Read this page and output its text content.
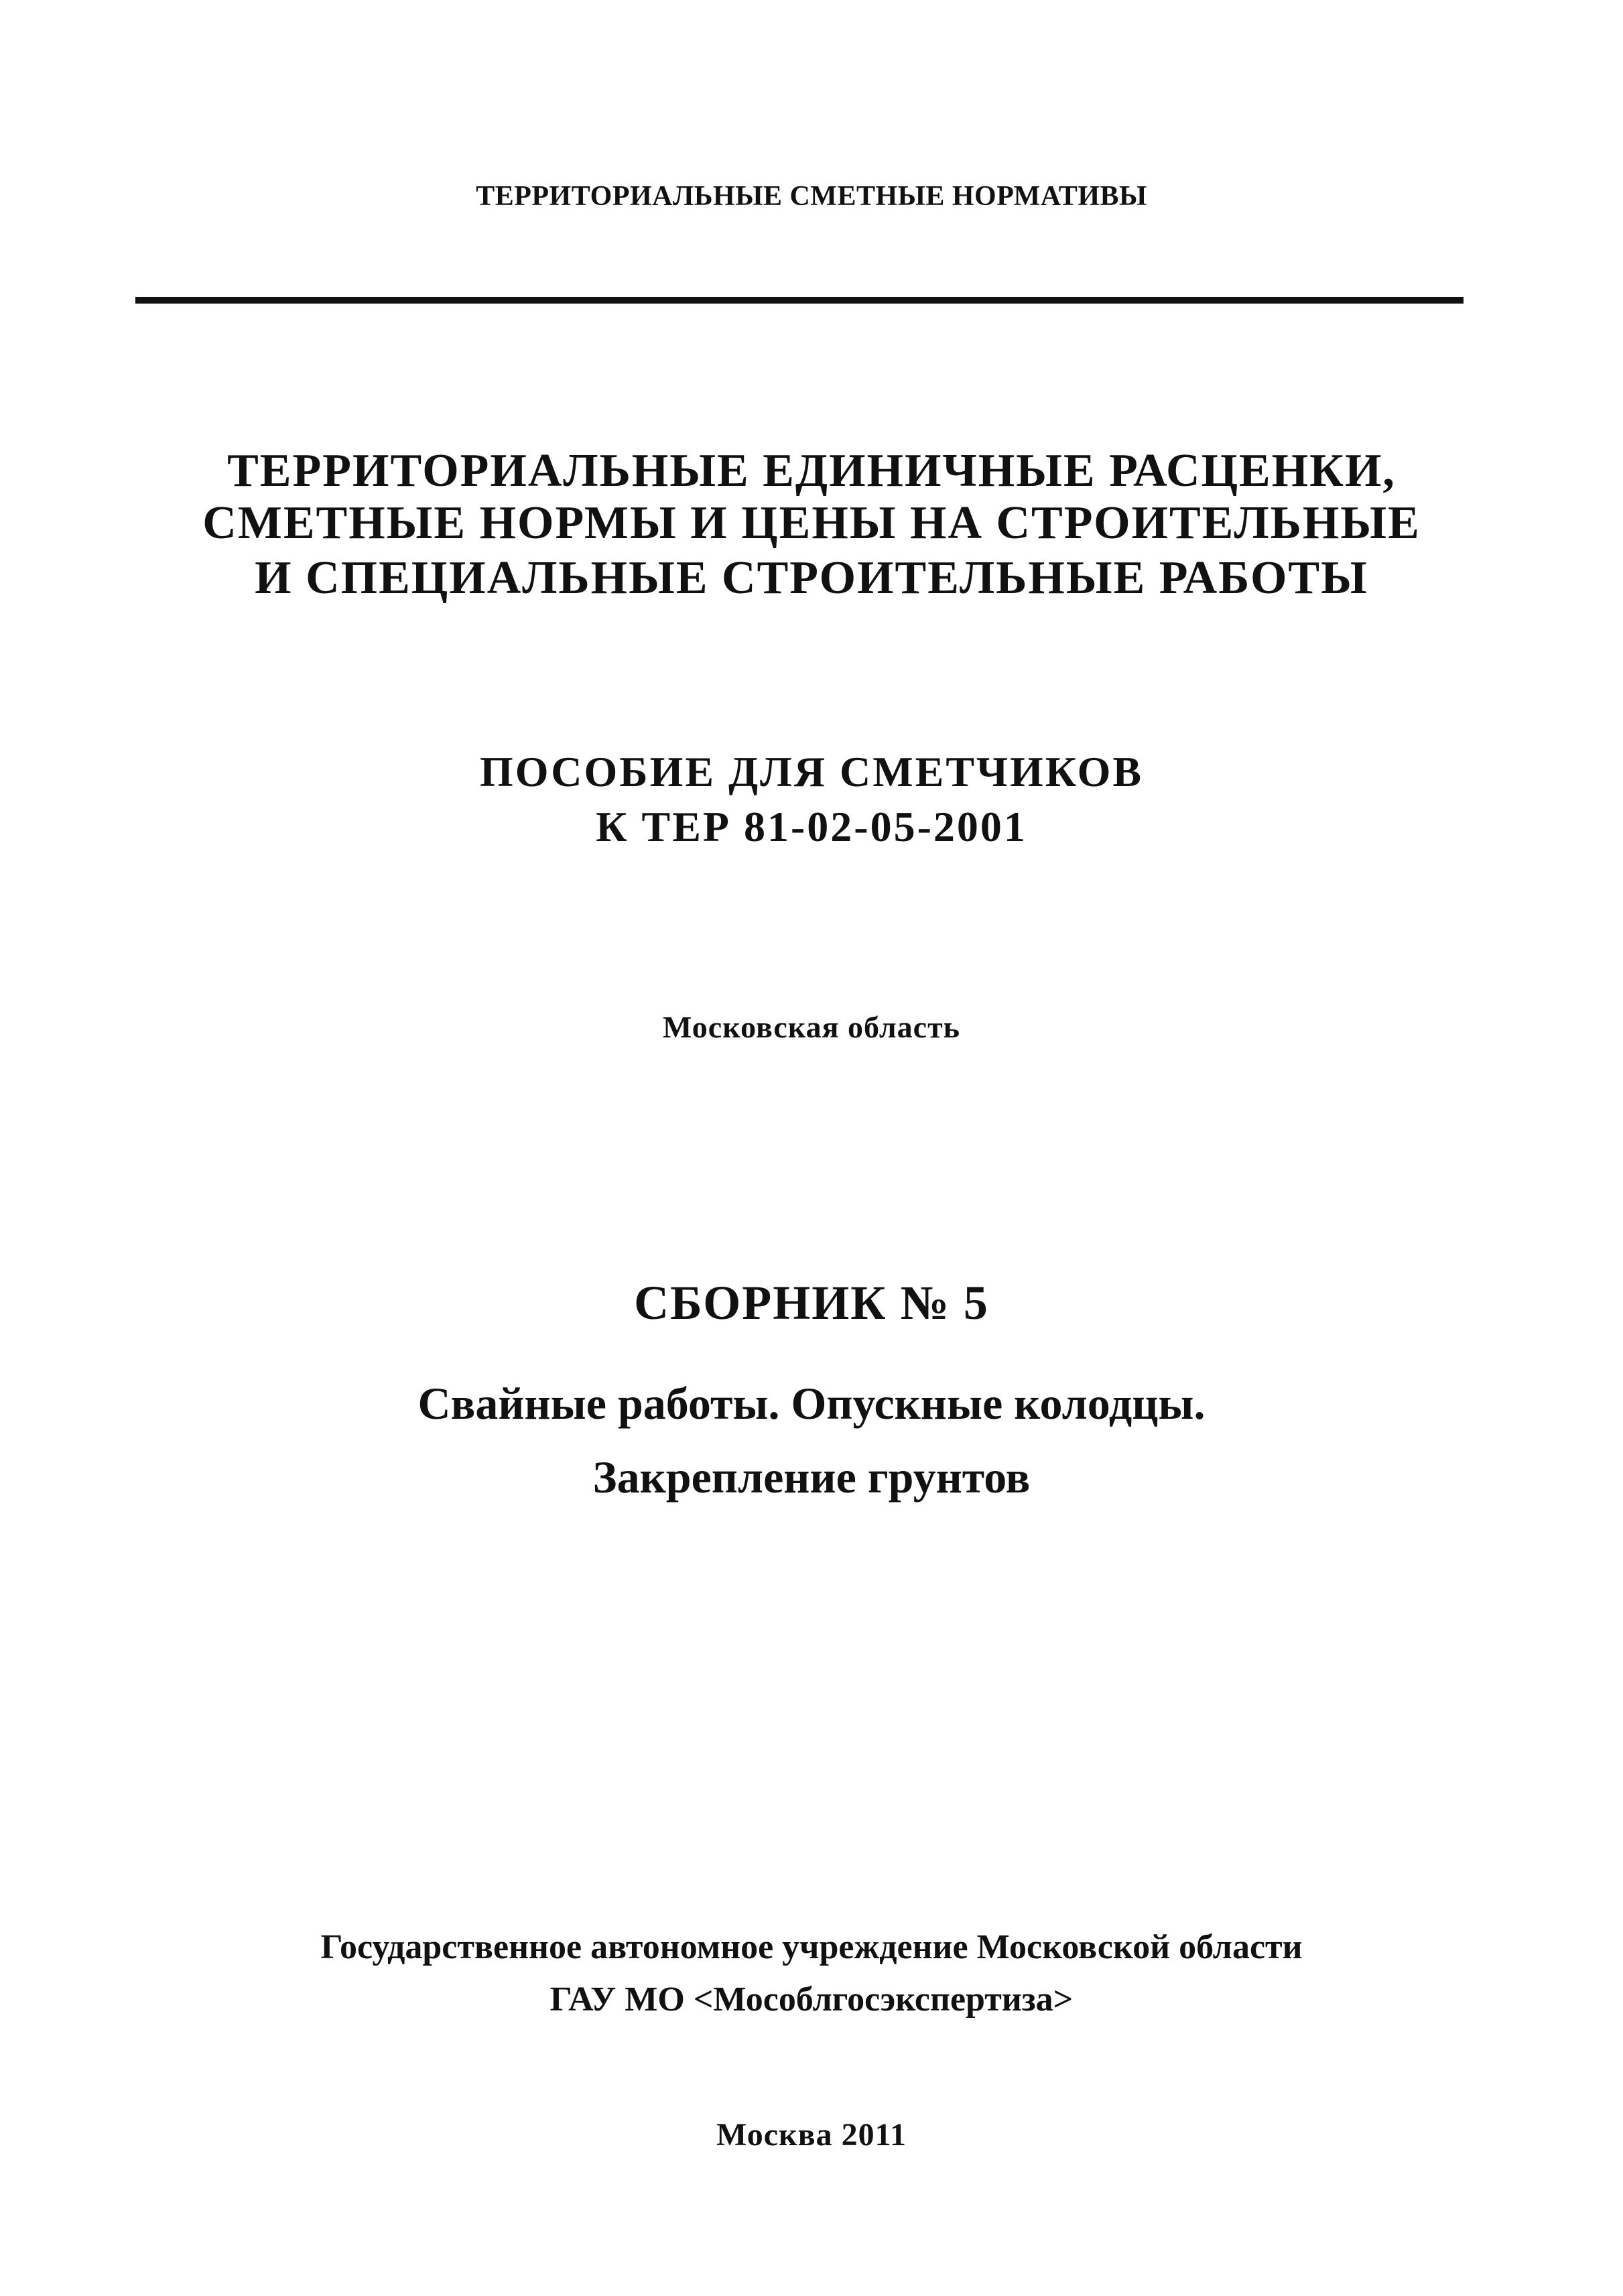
ТЕРРИТОРИАЛЬНЫЕ СМЕТНЫЕ НОРМАТИВЫ
ТЕРРИТОРИАЛЬНЫЕ ЕДИНИЧНЫЕ РАСЦЕНКИ,
СМЕТНЫЕ НОРМЫ И ЦЕНЫ НА СТРОИТЕЛЬНЫЕ
И СПЕЦИАЛЬНЫЕ СТРОИТЕЛЬНЫЕ РАБОТЫ
ПОСОБИЕ ДЛЯ СМЕТЧИКОВ
К ТЕР 81-02-05-2001
Московская область
СБОРНИК № 5
Свайные работы. Опускные колодцы.
Закрепление грунтов
Государственное автономное учреждение Московской области
ГАУ МО <Мособлгосэкспертиза>
Москва 2011
